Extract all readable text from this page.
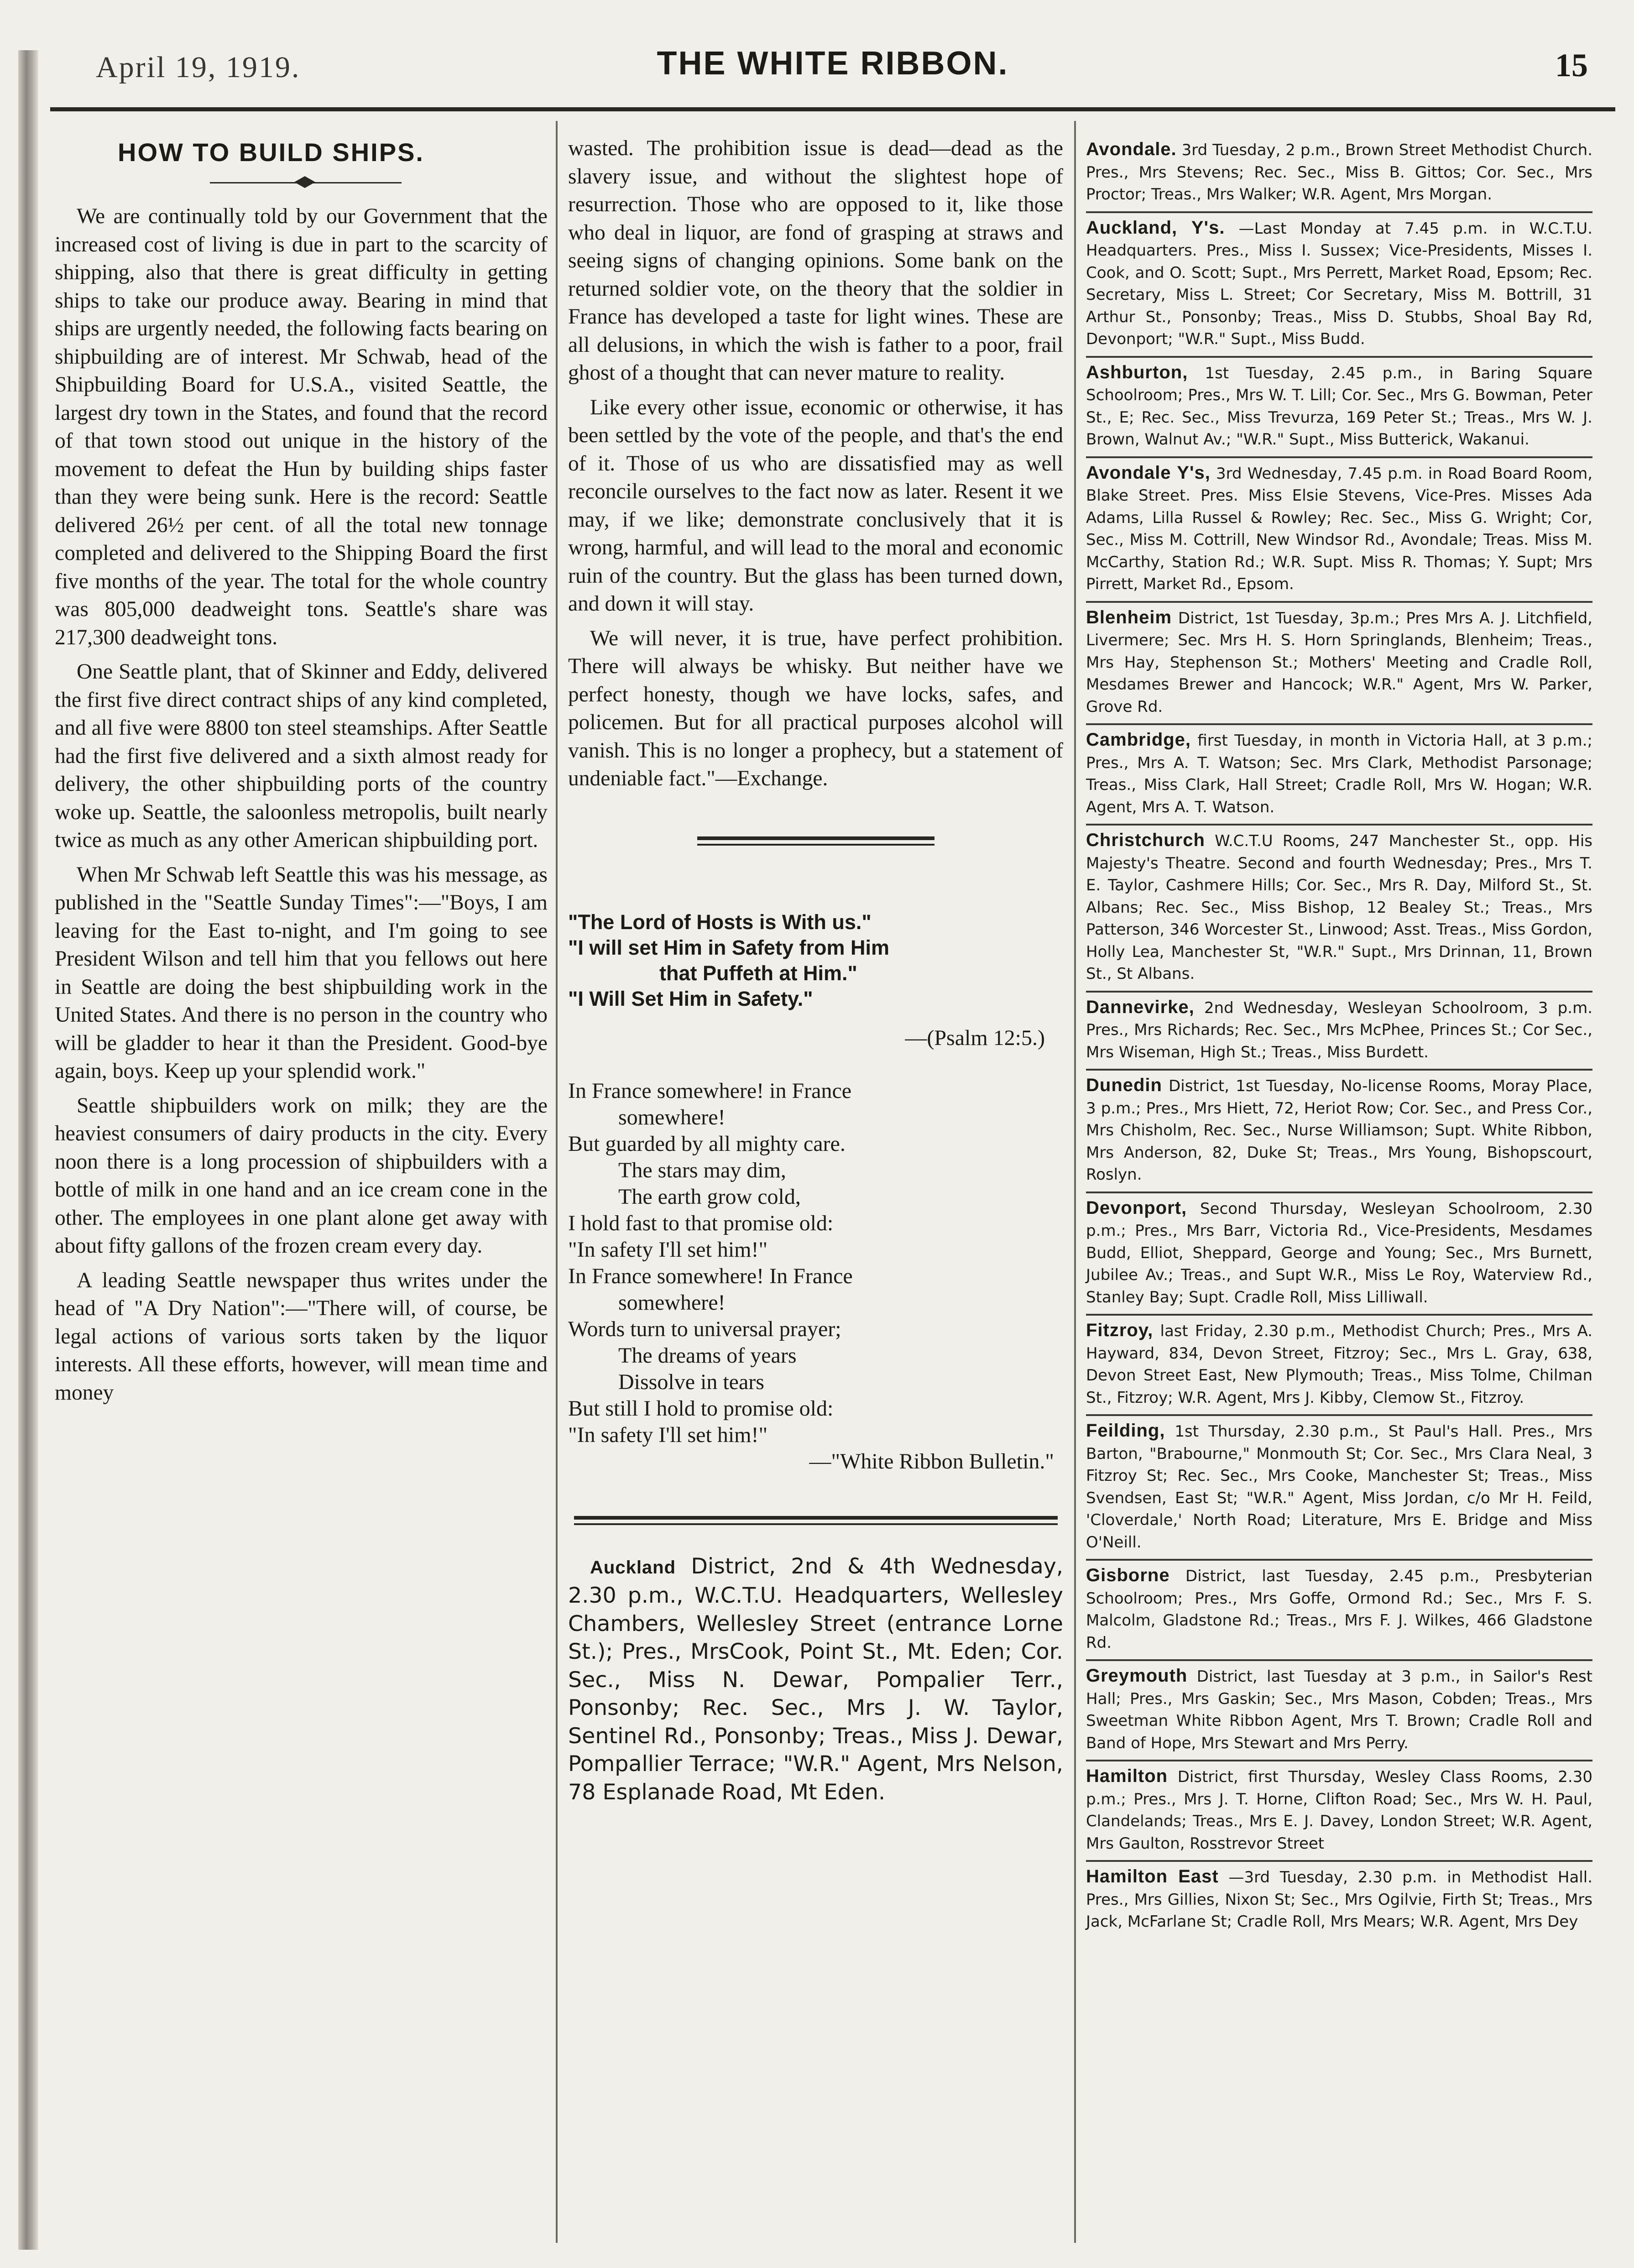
April 19, 1919.	THE WHITE RIBBON.	15
HOW TO BUILD SHIPS.

We are continually told by our Government that the increased cost of living is due in part to the scarcity of shipping, also that there is great difficulty in getting ships to take our produce away. Bearing in mind that ships are urgently needed, the following facts bearing on shipbuilding are of interest. Mr Schwab, head of the Shipbuilding Board for U.S.A., visited Seattle, the largest dry town in the States, and found that the record of that town stood out unique in the history of the movement to defeat the Hun by building ships faster than they were being sunk. Here is the record: Seattle delivered 26½ per cent. of all the total new tonnage completed and delivered to the Shipping Board the first five months of the year. The total for the whole country was 805,000 deadweight tons. Seattle's share was 217,300 deadweight tons.

One Seattle plant, that of Skinner and Eddy, delivered the first five direct contract ships of any kind completed, and all five were 8800 ton steel steamships. After Seattle had the first five delivered and a sixth almost ready for delivery, the other shipbuilding ports of the country woke up. Seattle, the saloonless metropolis, built nearly twice as much as any other American shipbuilding port.

When Mr Schwab left Seattle this was his message, as published in the "Seattle Sunday Times":—"Boys, I am leaving for the East to-night, and I'm going to see President Wilson and tell him that you fellows out here in Seattle are doing the best shipbuilding work in the United States. And there is no person in the country who will be gladder to hear it than the President. Good-bye again, boys. Keep up your splendid work."

Seattle shipbuilders work on milk; they are the heaviest consumers of dairy products in the city. Every noon there is a long procession of shipbuilders with a bottle of milk in one hand and an ice cream cone in the other. The employees in one plant alone get away with about fifty gallons of the frozen cream every day.

A leading Seattle newspaper thus writes under the head of "A Dry Nation":—"There will, of course, be legal actions of various sorts taken by the liquor interests. All these efforts, however, will mean time and money

wasted. The prohibition issue is dead—dead as the slavery issue, and without the slightest hope of resurrection. Those who are opposed to it, like those who deal in liquor, are fond of grasping at straws and seeing signs of changing opinions. Some bank on the returned soldier vote, on the theory that the soldier in France has developed a taste for light wines. These are all delusions, in which the wish is father to a poor, frail ghost of a thought that can never mature to reality.

Like every other issue, economic or otherwise, it has been settled by the vote of the people, and that's the end of it. Those of us who are dissatisfied may as well reconcile ourselves to the fact now as later. Resent it we may, if we like; demonstrate conclusively that it is wrong, harmful, and will lead to the moral and economic ruin of the country. But the glass has been turned down, and down it will stay.

We will never, it is true, have perfect prohibition. There will always be whisky. But neither have we perfect honesty, though we have locks, safes, and policemen. But for all practical purposes alcohol will vanish. This is no longer a prophecy, but a statement of undeniable fact."—Exchange.

"The Lord of Hosts is With us."
"I will set Him in Safety from Him
that Puffeth at Him."
"I Will Set Him in Safety."
—(Psalm 12:5.)
In France somewhere! in France
somewhere!
But guarded by all mighty care.
The stars may dim,
The earth grow cold,
I hold fast to that promise old:
"In safety I'll set him!"
In France somewhere! In France
somewhere!
Words turn to universal prayer;
The dreams of years
Dissolve in tears
But still I hold to promise old:
"In safety I'll set him!"
—"White Ribbon Bulletin."

Auckland District, 2nd & 4th Wednesday, 2.30 p.m., W.C.T.U. Headquarters, Wellesley Chambers, Wellesley Street (entrance Lorne St.); Pres., MrsCook, Point St., Mt. Eden; Cor. Sec., Miss N. Dewar, Pompalier Terr., Ponsonby; Rec. Sec., Mrs J. W. Taylor, Sentinel Rd., Ponsonby; Treas., Miss J. Dewar, Pompallier Terrace; "W.R." Agent, Mrs Nelson, 78 Esplanade Road, Mt Eden.

Avondale. 3rd Tuesday, 2 p.m., Brown Street Methodist Church. Pres., Mrs Stevens; Rec. Sec., Miss B. Gittos; Cor. Sec., Mrs Proctor; Treas., Mrs Walker; W.R. Agent, Mrs Morgan.

Auckland, Y's. —Last Monday at 7.45 p.m. in W.C.T.U. Headquarters. Pres., Miss I. Sussex; Vice-Presidents, Misses I. Cook, and O. Scott; Supt., Mrs Perrett, Market Road, Epsom; Rec. Secretary, Miss L. Street; Cor Secretary, Miss M. Bottrill, 31 Arthur St., Ponsonby; Treas., Miss D. Stubbs, Shoal Bay Rd, Devonport; "W.R." Supt., Miss Budd.

Ashburton, 1st Tuesday, 2.45 p.m., in Baring Square Schoolroom; Pres., Mrs W. T. Lill; Cor. Sec., Mrs G. Bowman, Peter St., E; Rec. Sec., Miss Trevurza, 169 Peter St.; Treas., Mrs W. J. Brown, Walnut Av.; "W.R." Supt., Miss Butterick, Wakanui.

Avondale Y's, 3rd Wednesday, 7.45 p.m. in Road Board Room, Blake Street. Pres. Miss Elsie Stevens, Vice-Pres. Misses Ada Adams, Lilla Russel & Rowley; Rec. Sec., Miss G. Wright; Cor, Sec., Miss M. Cottrill, New Windsor Rd., Avondale; Treas. Miss M. McCarthy, Station Rd.; W.R. Supt. Miss R. Thomas; Y. Supt; Mrs Pirrett, Market Rd., Epsom.

Blenheim District, 1st Tuesday, 3p.m.; Pres Mrs A. J. Litchfield, Livermere; Sec. Mrs H. S. Horn Springlands, Blenheim; Treas., Mrs Hay, Stephenson St.; Mothers' Meeting and Cradle Roll, Mesdames Brewer and Hancock; W.R." Agent, Mrs W. Parker, Grove Rd.

Cambridge, first Tuesday, in month in Victoria Hall, at 3 p.m.; Pres., Mrs A. T. Watson; Sec. Mrs Clark, Methodist Parsonage; Treas., Miss Clark, Hall Street; Cradle Roll, Mrs W. Hogan; W.R. Agent, Mrs A. T. Watson.

Christchurch W.C.T.U Rooms, 247 Manchester St., opp. His Majesty's Theatre. Second and fourth Wednesday; Pres., Mrs T. E. Taylor, Cashmere Hills; Cor. Sec., Mrs R. Day, Milford St., St. Albans; Rec. Sec., Miss Bishop, 12 Bealey St.; Treas., Mrs Patterson, 346 Worcester St., Linwood; Asst. Treas., Miss Gordon, Holly Lea, Manchester St, "W.R." Supt., Mrs Drinnan, 11, Brown St., St Albans.

Dannevirke, 2nd Wednesday, Wesleyan Schoolroom, 3 p.m. Pres., Mrs Richards; Rec. Sec., Mrs McPhee, Princes St.; Cor Sec., Mrs Wiseman, High St.; Treas., Miss Burdett.

Dunedin District, 1st Tuesday, No-license Rooms, Moray Place, 3 p.m.; Pres., Mrs Hiett, 72, Heriot Row; Cor. Sec., and Press Cor., Mrs Chisholm, Rec. Sec., Nurse Williamson; Supt. White Ribbon, Mrs Anderson, 82, Duke St; Treas., Mrs Young, Bishopscourt, Roslyn.

Devonport, Second Thursday, Wesleyan Schoolroom, 2.30 p.m.; Pres., Mrs Barr, Victoria Rd., Vice-Presidents, Mesdames Budd, Elliot, Sheppard, George and Young; Sec., Mrs Burnett, Jubilee Av.; Treas., and Supt W.R., Miss Le Roy, Waterview Rd., Stanley Bay; Supt. Cradle Roll, Miss Lilliwall.

Fitzroy, last Friday, 2.30 p.m., Methodist Church; Pres., Mrs A. Hayward, 834, Devon Street, Fitzroy; Sec., Mrs L. Gray, 638, Devon Street East, New Plymouth; Treas., Miss Tolme, Chilman St., Fitzroy; W.R. Agent, Mrs J. Kibby, Clemow St., Fitzroy.

Feilding, 1st Thursday, 2.30 p.m., St Paul's Hall. Pres., Mrs Barton, "Brabourne," Monmouth St; Cor. Sec., Mrs Clara Neal, 3 Fitzroy St; Rec. Sec., Mrs Cooke, Manchester St; Treas., Miss Svendsen, East St; "W.R." Agent, Miss Jordan, c/o Mr H. Feild, 'Cloverdale,' North Road; Literature, Mrs E. Bridge and Miss O'Neill.

Gisborne District, last Tuesday, 2.45 p.m., Presbyterian Schoolroom; Pres., Mrs Goffe, Ormond Rd.; Sec., Mrs F. S. Malcolm, Gladstone Rd.; Treas., Mrs F. J. Wilkes, 466 Gladstone Rd.

Greymouth District, last Tuesday at 3 p.m., in Sailor's Rest Hall; Pres., Mrs Gaskin; Sec., Mrs Mason, Cobden; Treas., Mrs Sweetman White Ribbon Agent, Mrs T. Brown; Cradle Roll and Band of Hope, Mrs Stewart and Mrs Perry.

Hamilton District, first Thursday, Wesley Class Rooms, 2.30 p.m.; Pres., Mrs J. T. Horne, Clifton Road; Sec., Mrs W. H. Paul, Clandelands; Treas., Mrs E. J. Davey, London Street; W.R. Agent, Mrs Gaulton, Rosstrevor Street

Hamilton East —3rd Tuesday, 2.30 p.m. in Methodist Hall. Pres., Mrs Gillies, Nixon St; Sec., Mrs Ogilvie, Firth St; Treas., Mrs Jack, McFarlane St; Cradle Roll, Mrs Mears; W.R. Agent, Mrs Dey
